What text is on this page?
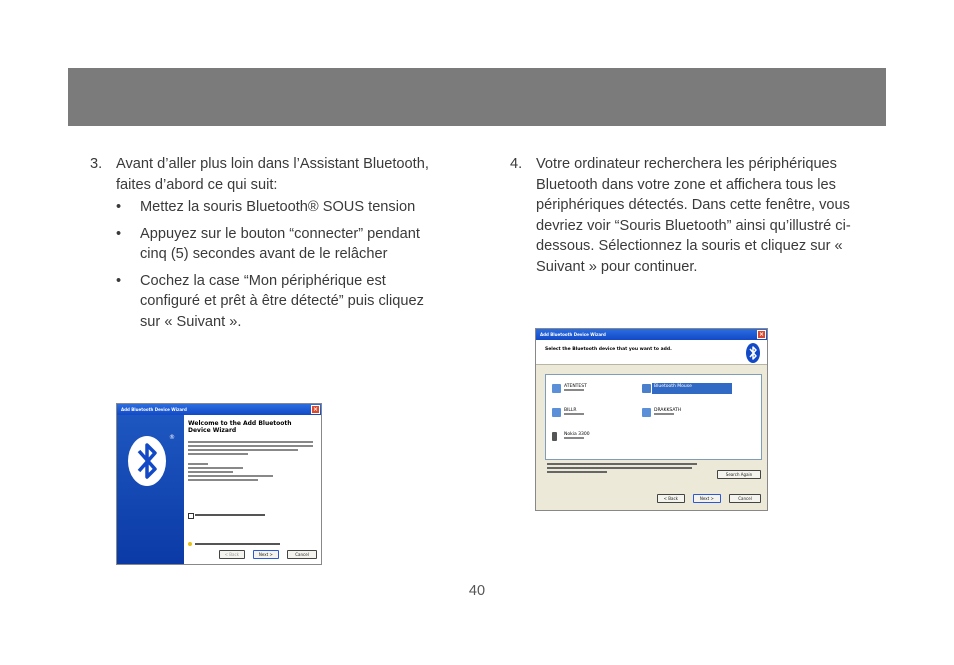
3. Avant d’aller plus loin dans l’Assistant Bluetooth, faites d’abord ce qui suit:
• Mettez la souris Bluetooth® SOUS tension
• Appuyez sur le bouton “connecter” pendant cinq (5) secondes avant de le relâcher
• Cochez la case “Mon périphérique est configuré et prêt à être détecté” puis cliquez sur « Suivant ».
4. Votre ordinateur recherchera les périphériques Bluetooth dans votre zone et affichera tous les périphériques détectés. Dans cette fenêtre, vous devriez voir “Souris Bluetooth” ainsi qu’illustré ci-dessous. Sélectionnez la souris et cliquez sur « Suivant » pour continuer.
Add Bluetooth Device Wizard	×
®
Welcome to the Add Bluetooth Device Wizard
< Back	Next >	Cancel
Add Bluetooth Device Wizard	×
Select the Bluetooth device that you want to add.
ATENTEST	Bluetooth Mouse
BILLR	DRAKKSATH
Nokia 3300
Search Again
< Back	Next >	Cancel
40
